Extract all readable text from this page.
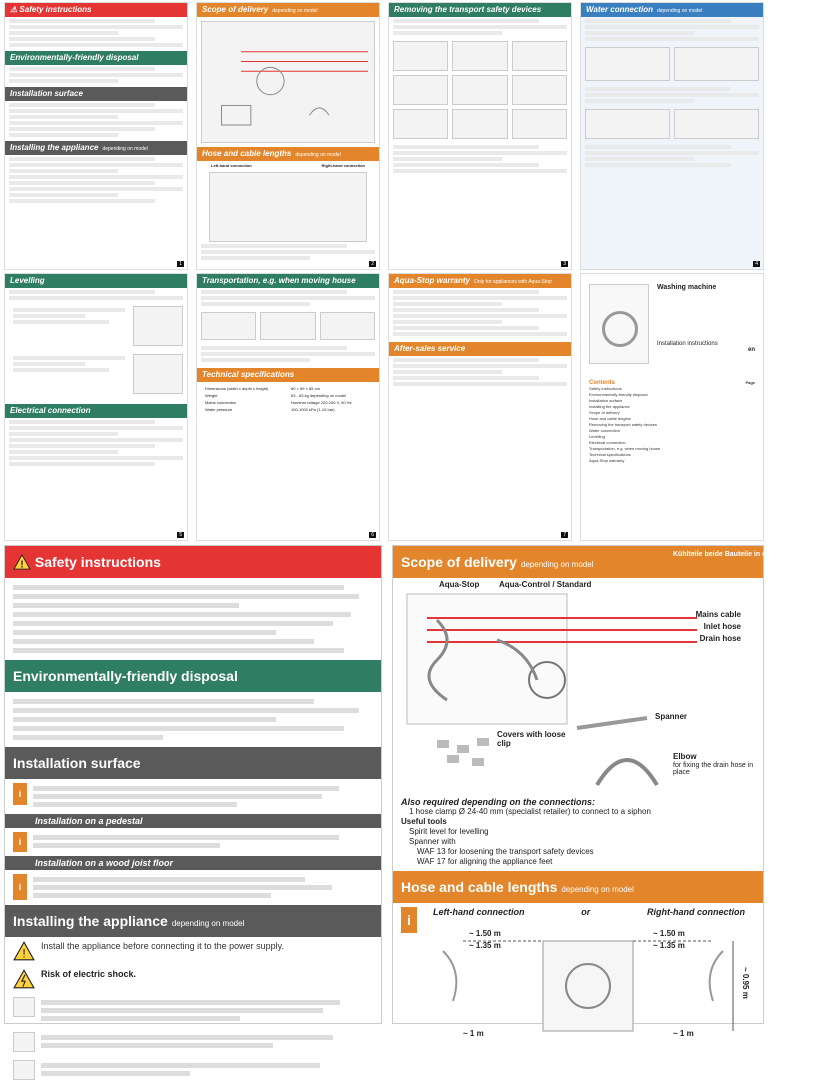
⚠ Safety instructions
Environmentally-friendly disposal
Installation surface
Installing the appliance depending on model
1
Scope of delivery depending on model
Hose and cable lengths depending on model
Left-hand connection	Right-hand connection
2
Removing the transport safety devices
3
Water connection depending on model
4
Levelling
Electrical connection
5
Transportation, e.g. when moving house
Technical specifications
Dimensions (width x depth x height)	60 × 59 × 85 cm
Weight	63 - 83 kg depending on model
Mains connection	Nominal voltage 220-240 V, 50 Hz
Water pressure	100-1000 kPa (1-10 bar)
6
Aqua-Stop warranty Only for appliances with Aqua-Stop
After-sales service
7
Washing machine
Installation instructions
en
Contents	Page
Safety instructions
Environmentally-friendly disposal
Installation surface
Installing the appliance
Scope of delivery
Hose and cable lengths
Removing the transport safety devices
Water connection
Levelling
Electrical connection
Transportation, e.g. when moving house
Technical specifications
Aqua-Stop warranty
! Safety instructions
Environmentally-friendly disposal
Installation surface
i
Installation on a pedestal
i
Installation on a wood joist floor
i
Installing the appliance depending on model
!
Install the appliance before connecting it to the power supply.
Risk of electric shock.
Scope of delivery depending on model
Kühlteile beide Bauteile in das im Inhaltprog.
Aqua-Stop Aqua-Control / Standard
Mains cable
Inlet hose
Drain hose
Covers with loose clip
Spanner
Elbow
for fixing the drain hose in place
Also required depending on the connections:
1 hose clamp Ø 24-40 mm (specialist retailer) to connect to a siphon
Useful tools
Spirit level for levelling
Spanner with
WAF 13 for loosening the transport safety devices
WAF 17 for aligning the appliance feet
Hose and cable lengths depending on model
i	Left-hand connection	or	Right-hand connection
~ 1.50 m
~ 1.35 m
~ 1.50 m
~ 1.35 m
~ 1 m	~ 1 m
~ 0.95 m
